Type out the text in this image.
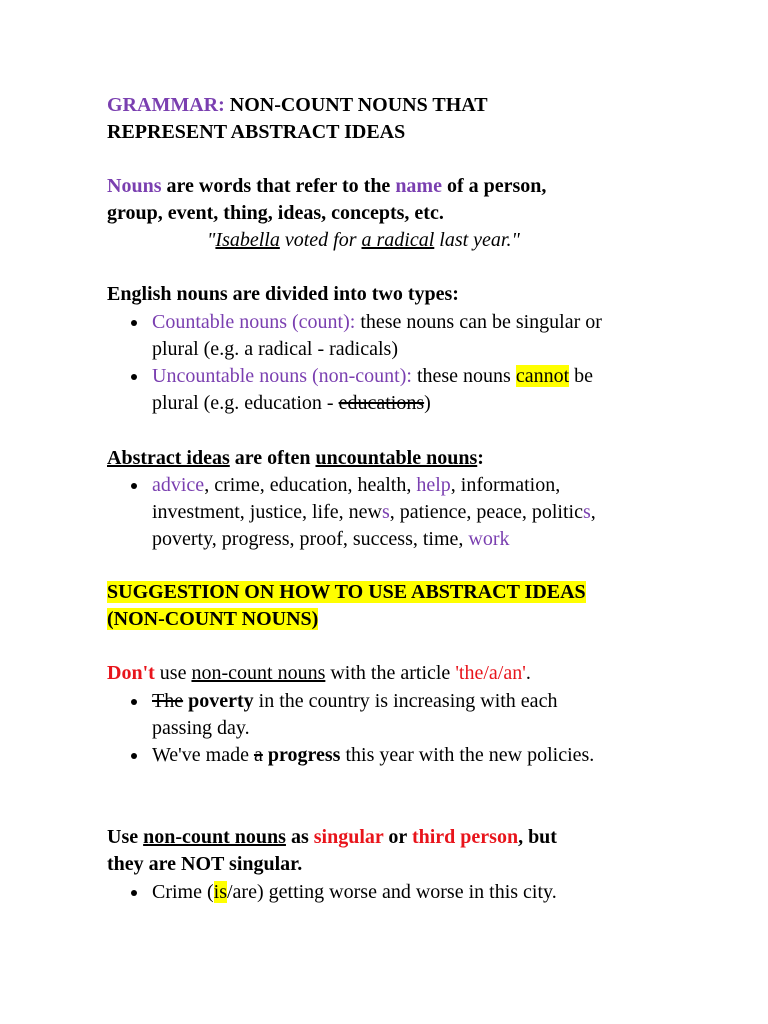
GRAMMAR: NON-COUNT NOUNS THAT
REPRESENT ABSTRACT IDEAS
Nouns are words that refer to the name of a person,
group, event, thing, ideas, concepts, etc.
"Isabella voted for a radical last year."
English nouns are divided into two types:
Countable nouns (count): these nouns can be singular or
plural (e.g. a radical - radicals)
Uncountable nouns (non-count): these nouns cannot be
plural (e.g. education - educations)
Abstract ideas are often uncountable nouns:
advice, crime, education, health, help, information,
investment, justice, life, news, patience, peace, politics,
poverty, progress, proof, success, time, work
SUGGESTION ON HOW TO USE ABSTRACT IDEAS
(NON-COUNT NOUNS)
Don't use non-count nouns with the article 'the/a/an'.
The poverty in the country is increasing with each
passing day.
We've made a progress this year with the new policies.
Use non-count nouns as singular or third person, but
they are NOT singular.
Crime (is/are) getting worse and worse in this city.
